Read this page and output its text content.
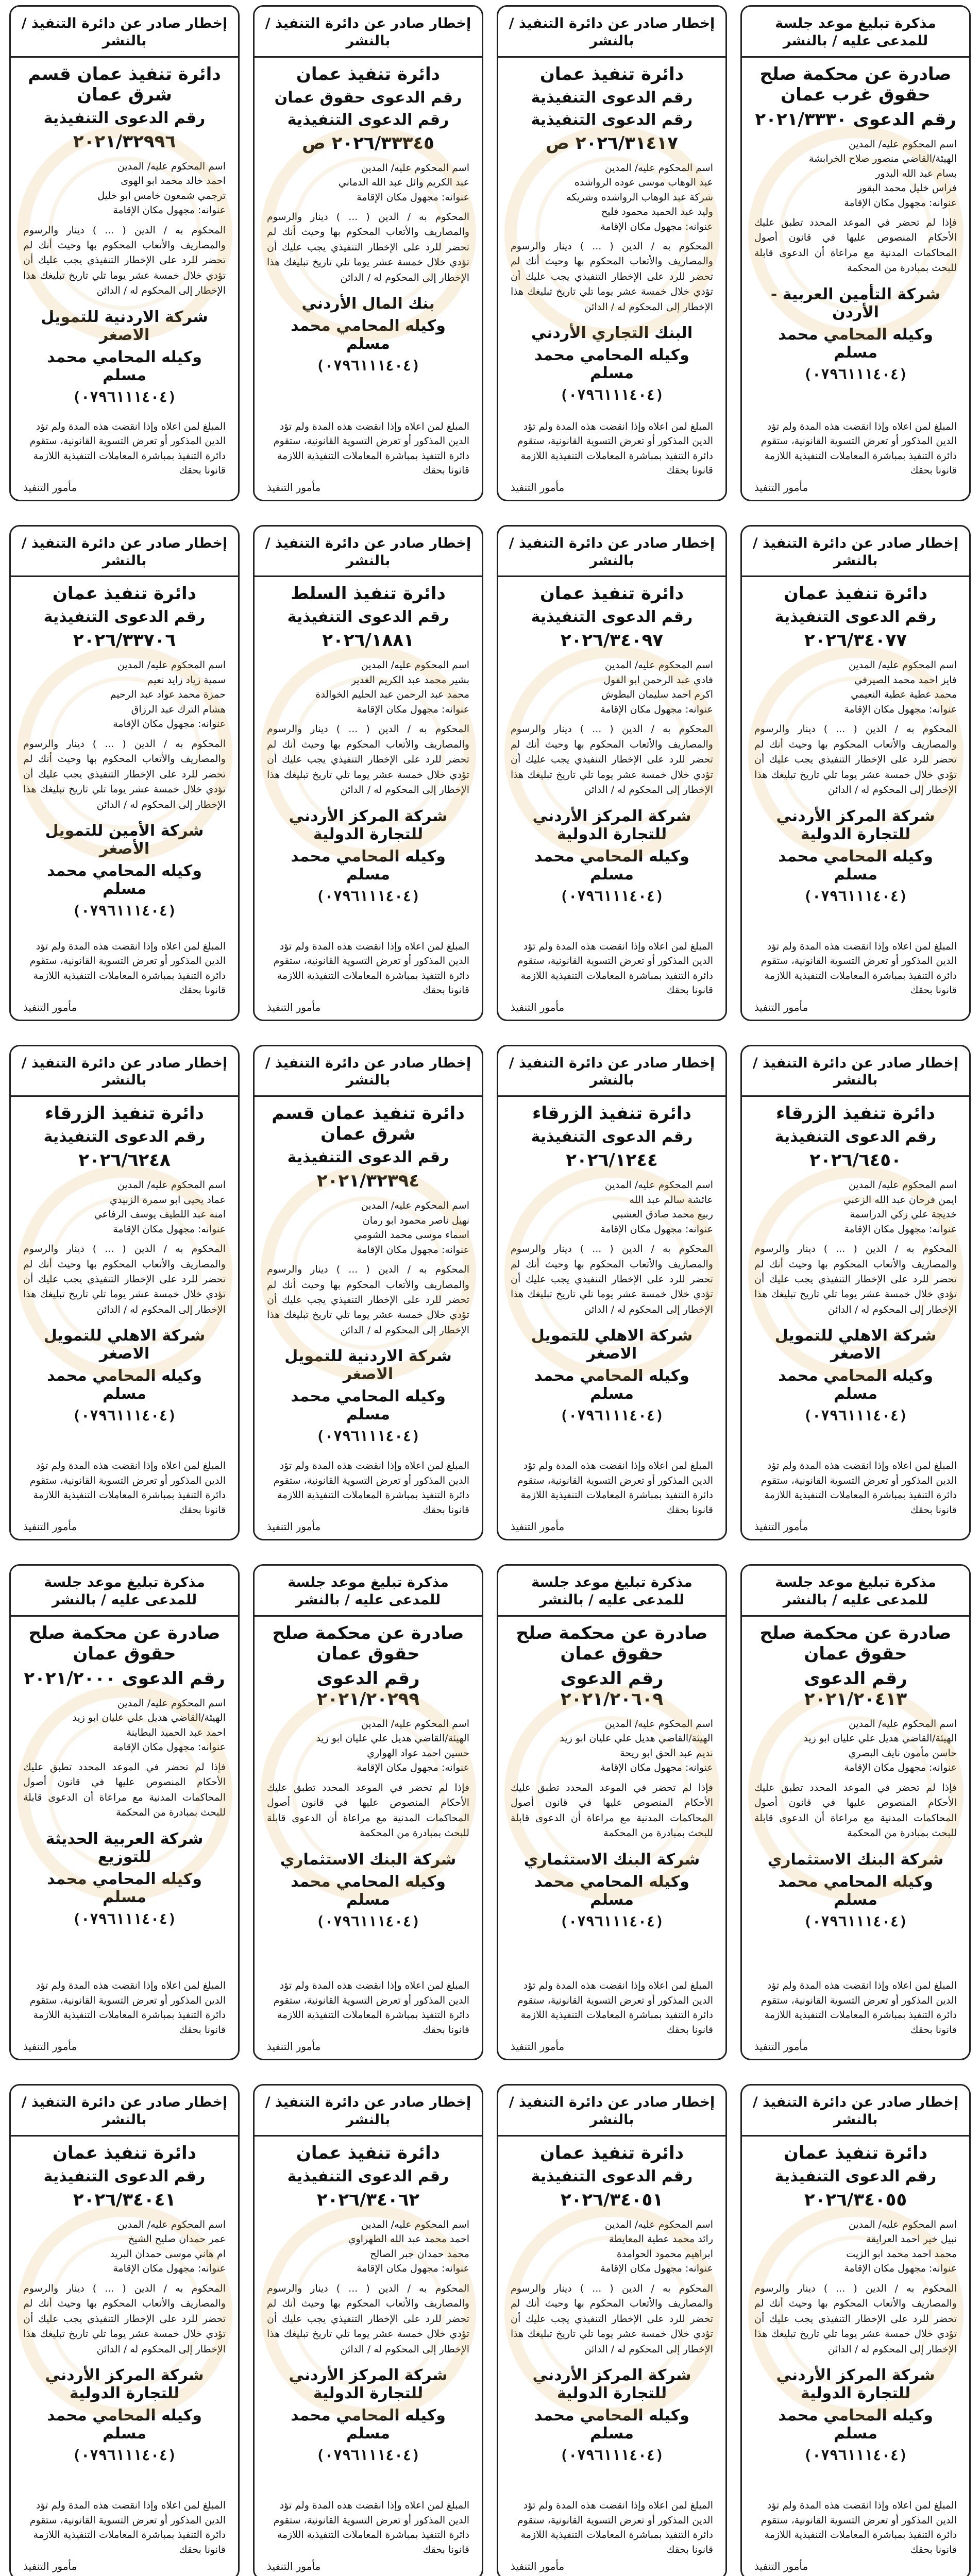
إخطار صادر عن دائرة التنفيذ / بالنشر
دائرة تنفيذ عمان قسم شرق عمان
رقم الدعوى التنفيذية
٢٠٢١/٣٢٩٩٦
اسم المحكوم عليه/ المدين
احمد خالد محمد ابو الهوى
ترجمي شمعون خامس ابو خليل
عنوانه: مجهول مكان الإقامة
المحكوم به / الدين ( ... ) دينار والرسوم والمصاريف والأتعاب المحكوم بها وحيث أنك لم تحضر للرد على الإخطار التنفيذي يجب عليك أن تؤدي خلال خمسة عشر يوما تلي تاريخ تبليغك هذا الإخطار إلى المحكوم له / الدائن
شركة الاردنية للتمويل الاصغر
وكيله المحامي محمد مسلم
(٠٧٩٦١١١٤٠٤)
المبلغ لمن اعلاه وإذا انقضت هذه المدة ولم تؤد الدين المذكور أو تعرض التسوية القانونية، ستقوم دائرة التنفيذ بمباشرة المعاملات التنفيذية اللازمة قانونا بحقك
مأمور التنفيذ
إخطار صادر عن دائرة التنفيذ / بالنشر
دائرة تنفيذ عمان
رقم الدعوى حقوق عمان
رقم الدعوى التنفيذية
٢٠٢٦/٣٣٣٤٥ ص
اسم المحكوم عليه/ المدين
عبد الكريم وائل عبد الله الدماني
عنوانه: مجهول مكان الإقامة
المحكوم به / الدين ( ... ) دينار والرسوم والمصاريف والأتعاب المحكوم بها وحيث أنك لم تحضر للرد على الإخطار التنفيذي يجب عليك أن تؤدي خلال خمسة عشر يوما تلي تاريخ تبليغك هذا الإخطار إلى المحكوم له / الدائن
بنك المال الأردني
وكيله المحامي محمد مسلم
(٠٧٩٦١١١٤٠٤)
المبلغ لمن اعلاه وإذا انقضت هذه المدة ولم تؤد الدين المذكور أو تعرض التسوية القانونية، ستقوم دائرة التنفيذ بمباشرة المعاملات التنفيذية اللازمة قانونا بحقك
مأمور التنفيذ
إخطار صادر عن دائرة التنفيذ / بالنشر
دائرة تنفيذ عمان
رقم الدعوى التنفيذية
رقم الدعوى التنفيذية
٢٠٢٦/٣١٤١٧ ص
اسم المحكوم عليه/ المدين
عبد الوهاب موسى عوده الرواشده
شركة عبد الوهاب الرواشده وشريكه
وليد عبد الحميد محمود فليح
عنوانه: مجهول مكان الإقامة
المحكوم به / الدين ( ... ) دينار والرسوم والمصاريف والأتعاب المحكوم بها وحيث أنك لم تحضر للرد على الإخطار التنفيذي يجب عليك أن تؤدي خلال خمسة عشر يوما تلي تاريخ تبليغك هذا الإخطار إلى المحكوم له / الدائن
البنك التجاري الأردني
وكيله المحامي محمد مسلم
(٠٧٩٦١١١٤٠٤)
المبلغ لمن اعلاه وإذا انقضت هذه المدة ولم تؤد الدين المذكور أو تعرض التسوية القانونية، ستقوم دائرة التنفيذ بمباشرة المعاملات التنفيذية اللازمة قانونا بحقك
مأمور التنفيذ
مذكرة تبليغ موعد جلسة للمدعى عليه / بالنشر
صادرة عن محكمة صلح حقوق غرب عمان
رقم الدعوى ٢٠٢١/٣٣٣٠
اسم المحكوم عليه/ المدين
الهيئة/القاضي منصور صلاح الخرابشة
بسام عبد الله البدور
فراس خليل محمد البقور
عنوانه: مجهول مكان الإقامة
فإذا لم تحضر في الموعد المحدد تطبق عليك الأحكام المنصوص عليها في قانون أصول المحاكمات المدنية مع مراعاة أن الدعوى قابلة للبحث بمبادرة من المحكمة
شركة التأمين العربية - الأردن
وكيله المحامي محمد مسلم
(٠٧٩٦١١١٤٠٤)
المبلغ لمن اعلاه وإذا انقضت هذه المدة ولم تؤد الدين المذكور أو تعرض التسوية القانونية، ستقوم دائرة التنفيذ بمباشرة المعاملات التنفيذية اللازمة قانونا بحقك
مأمور التنفيذ
إخطار صادر عن دائرة التنفيذ / بالنشر
دائرة تنفيذ عمان
رقم الدعوى التنفيذية
٢٠٢٦/٣٣٧٠٦
اسم المحكوم عليه/ المدين
سمية زياد زايد نعيم
حمزة محمد عواد عبد الرحيم
هشام الترك عبد الرزاق
عنوانه: مجهول مكان الإقامة
المحكوم به / الدين ( ... ) دينار والرسوم والمصاريف والأتعاب المحكوم بها وحيث أنك لم تحضر للرد على الإخطار التنفيذي يجب عليك أن تؤدي خلال خمسة عشر يوما تلي تاريخ تبليغك هذا الإخطار إلى المحكوم له / الدائن
شركة الأمين للتمويل الأصغر
وكيله المحامي محمد مسلم
(٠٧٩٦١١١٤٠٤)
المبلغ لمن اعلاه وإذا انقضت هذه المدة ولم تؤد الدين المذكور أو تعرض التسوية القانونية، ستقوم دائرة التنفيذ بمباشرة المعاملات التنفيذية اللازمة قانونا بحقك
مأمور التنفيذ
إخطار صادر عن دائرة التنفيذ / بالنشر
دائرة تنفيذ السلط
رقم الدعوى التنفيذية
٢٠٢٦/١٨٨١
اسم المحكوم عليه/ المدين
بشير محمد عبد الكريم الغدير
محمد عبد الرحمن عبد الحليم الخوالدة
عنوانه: مجهول مكان الإقامة
المحكوم به / الدين ( ... ) دينار والرسوم والمصاريف والأتعاب المحكوم بها وحيث أنك لم تحضر للرد على الإخطار التنفيذي يجب عليك أن تؤدي خلال خمسة عشر يوما تلي تاريخ تبليغك هذا الإخطار إلى المحكوم له / الدائن
شركة المركز الأردني للتجارة الدولية
وكيله المحامي محمد مسلم
(٠٧٩٦١١١٤٠٤)
المبلغ لمن اعلاه وإذا انقضت هذه المدة ولم تؤد الدين المذكور أو تعرض التسوية القانونية، ستقوم دائرة التنفيذ بمباشرة المعاملات التنفيذية اللازمة قانونا بحقك
مأمور التنفيذ
إخطار صادر عن دائرة التنفيذ / بالنشر
دائرة تنفيذ عمان
رقم الدعوى التنفيذية
٢٠٢٦/٣٤٠٩٧
اسم المحكوم عليه/ المدين
فادي عبد الرحمن ابو الفول
اكرم احمد سليمان البطوش
عنوانه: مجهول مكان الإقامة
المحكوم به / الدين ( ... ) دينار والرسوم والمصاريف والأتعاب المحكوم بها وحيث أنك لم تحضر للرد على الإخطار التنفيذي يجب عليك أن تؤدي خلال خمسة عشر يوما تلي تاريخ تبليغك هذا الإخطار إلى المحكوم له / الدائن
شركة المركز الأردني للتجارة الدولية
وكيله المحامي محمد مسلم
(٠٧٩٦١١١٤٠٤)
المبلغ لمن اعلاه وإذا انقضت هذه المدة ولم تؤد الدين المذكور أو تعرض التسوية القانونية، ستقوم دائرة التنفيذ بمباشرة المعاملات التنفيذية اللازمة قانونا بحقك
مأمور التنفيذ
إخطار صادر عن دائرة التنفيذ / بالنشر
دائرة تنفيذ عمان
رقم الدعوى التنفيذية
٢٠٢٦/٣٤٠٧٧
اسم المحكوم عليه/ المدين
فايز احمد محمد الصيرفي
محمد عطية عطية النعيمي
عنوانه: مجهول مكان الإقامة
المحكوم به / الدين ( ... ) دينار والرسوم والمصاريف والأتعاب المحكوم بها وحيث أنك لم تحضر للرد على الإخطار التنفيذي يجب عليك أن تؤدي خلال خمسة عشر يوما تلي تاريخ تبليغك هذا الإخطار إلى المحكوم له / الدائن
شركة المركز الأردني للتجارة الدولية
وكيله المحامي محمد مسلم
(٠٧٩٦١١١٤٠٤)
المبلغ لمن اعلاه وإذا انقضت هذه المدة ولم تؤد الدين المذكور أو تعرض التسوية القانونية، ستقوم دائرة التنفيذ بمباشرة المعاملات التنفيذية اللازمة قانونا بحقك
مأمور التنفيذ
إخطار صادر عن دائرة التنفيذ / بالنشر
دائرة تنفيذ الزرقاء
رقم الدعوى التنفيذية
٢٠٢٦/٦٢٤٨
اسم المحكوم عليه/ المدين
عماد يحيى ابو سمرة الزبيدي
امنه عبد اللطيف يوسف الرفاعي
عنوانه: مجهول مكان الإقامة
المحكوم به / الدين ( ... ) دينار والرسوم والمصاريف والأتعاب المحكوم بها وحيث أنك لم تحضر للرد على الإخطار التنفيذي يجب عليك أن تؤدي خلال خمسة عشر يوما تلي تاريخ تبليغك هذا الإخطار إلى المحكوم له / الدائن
شركة الاهلي للتمويل الاصغر
وكيله المحامي محمد مسلم
(٠٧٩٦١١١٤٠٤)
المبلغ لمن اعلاه وإذا انقضت هذه المدة ولم تؤد الدين المذكور أو تعرض التسوية القانونية، ستقوم دائرة التنفيذ بمباشرة المعاملات التنفيذية اللازمة قانونا بحقك
مأمور التنفيذ
إخطار صادر عن دائرة التنفيذ / بالنشر
دائرة تنفيذ عمان قسم شرق عمان
رقم الدعوى التنفيذية
٢٠٢١/٣٢٣٩٤
اسم المحكوم عليه/ المدين
نهيل ناصر محمود ابو رمان
اسماء موسى محمد الشومي
عنوانه: مجهول مكان الإقامة
المحكوم به / الدين ( ... ) دينار والرسوم والمصاريف والأتعاب المحكوم بها وحيث أنك لم تحضر للرد على الإخطار التنفيذي يجب عليك أن تؤدي خلال خمسة عشر يوما تلي تاريخ تبليغك هذا الإخطار إلى المحكوم له / الدائن
شركة الاردنية للتمويل الاصغر
وكيله المحامي محمد مسلم
(٠٧٩٦١١١٤٠٤)
المبلغ لمن اعلاه وإذا انقضت هذه المدة ولم تؤد الدين المذكور أو تعرض التسوية القانونية، ستقوم دائرة التنفيذ بمباشرة المعاملات التنفيذية اللازمة قانونا بحقك
مأمور التنفيذ
إخطار صادر عن دائرة التنفيذ / بالنشر
دائرة تنفيذ الزرقاء
رقم الدعوى التنفيذية
٢٠٢٦/١٢٤٤
اسم المحكوم عليه/ المدين
عائشة سالم عبد الله
ربيع محمد صادق العشبي
عنوانه: مجهول مكان الإقامة
المحكوم به / الدين ( ... ) دينار والرسوم والمصاريف والأتعاب المحكوم بها وحيث أنك لم تحضر للرد على الإخطار التنفيذي يجب عليك أن تؤدي خلال خمسة عشر يوما تلي تاريخ تبليغك هذا الإخطار إلى المحكوم له / الدائن
شركة الاهلي للتمويل الاصغر
وكيله المحامي محمد مسلم
(٠٧٩٦١١١٤٠٤)
المبلغ لمن اعلاه وإذا انقضت هذه المدة ولم تؤد الدين المذكور أو تعرض التسوية القانونية، ستقوم دائرة التنفيذ بمباشرة المعاملات التنفيذية اللازمة قانونا بحقك
مأمور التنفيذ
إخطار صادر عن دائرة التنفيذ / بالنشر
دائرة تنفيذ الزرقاء
رقم الدعوى التنفيذية
٢٠٢٦/٦٤٥٠
اسم المحكوم عليه/ المدين
ايمن فرحان عبد الله الزعبي
خديجة علي زكي الدراسمة
عنوانه: مجهول مكان الإقامة
المحكوم به / الدين ( ... ) دينار والرسوم والمصاريف والأتعاب المحكوم بها وحيث أنك لم تحضر للرد على الإخطار التنفيذي يجب عليك أن تؤدي خلال خمسة عشر يوما تلي تاريخ تبليغك هذا الإخطار إلى المحكوم له / الدائن
شركة الاهلي للتمويل الاصغر
وكيله المحامي محمد مسلم
(٠٧٩٦١١١٤٠٤)
المبلغ لمن اعلاه وإذا انقضت هذه المدة ولم تؤد الدين المذكور أو تعرض التسوية القانونية، ستقوم دائرة التنفيذ بمباشرة المعاملات التنفيذية اللازمة قانونا بحقك
مأمور التنفيذ
مذكرة تبليغ موعد جلسة للمدعى عليه / بالنشر
صادرة عن محكمة صلح حقوق عمان
رقم الدعوى ٢٠٢١/٢٠٠٠
اسم المحكوم عليه/ المدين
الهيئة/القاضي هديل علي عليان ابو زيد
احمد عبد الحميد البطاينة
عنوانه: مجهول مكان الإقامة
فإذا لم تحضر في الموعد المحدد تطبق عليك الأحكام المنصوص عليها في قانون أصول المحاكمات المدنية مع مراعاة أن الدعوى قابلة للبحث بمبادرة من المحكمة
شركة العربية الحديثة للتوزيع
وكيله المحامي محمد مسلم
(٠٧٩٦١١١٤٠٤)
المبلغ لمن اعلاه وإذا انقضت هذه المدة ولم تؤد الدين المذكور أو تعرض التسوية القانونية، ستقوم دائرة التنفيذ بمباشرة المعاملات التنفيذية اللازمة قانونا بحقك
مأمور التنفيذ
مذكرة تبليغ موعد جلسة للمدعى عليه / بالنشر
صادرة عن محكمة صلح حقوق عمان
رقم الدعوى ٢٠٢١/٢٠٢٩٩
اسم المحكوم عليه/ المدين
الهيئة/القاضي هديل علي عليان ابو زيد
حسين احمد عواد الهواري
عنوانه: مجهول مكان الإقامة
فإذا لم تحضر في الموعد المحدد تطبق عليك الأحكام المنصوص عليها في قانون أصول المحاكمات المدنية مع مراعاة أن الدعوى قابلة للبحث بمبادرة من المحكمة
شركة البنك الاستثماري
وكيله المحامي محمد مسلم
(٠٧٩٦١١١٤٠٤)
المبلغ لمن اعلاه وإذا انقضت هذه المدة ولم تؤد الدين المذكور أو تعرض التسوية القانونية، ستقوم دائرة التنفيذ بمباشرة المعاملات التنفيذية اللازمة قانونا بحقك
مأمور التنفيذ
مذكرة تبليغ موعد جلسة للمدعى عليه / بالنشر
صادرة عن محكمة صلح حقوق عمان
رقم الدعوى ٢٠٢١/٢٠٦٠٩
اسم المحكوم عليه/ المدين
الهيئة/القاضي هديل علي عليان ابو زيد
نديم عبد الحق ابو ريحة
عنوانه: مجهول مكان الإقامة
فإذا لم تحضر في الموعد المحدد تطبق عليك الأحكام المنصوص عليها في قانون أصول المحاكمات المدنية مع مراعاة أن الدعوى قابلة للبحث بمبادرة من المحكمة
شركة البنك الاستثماري
وكيله المحامي محمد مسلم
(٠٧٩٦١١١٤٠٤)
المبلغ لمن اعلاه وإذا انقضت هذه المدة ولم تؤد الدين المذكور أو تعرض التسوية القانونية، ستقوم دائرة التنفيذ بمباشرة المعاملات التنفيذية اللازمة قانونا بحقك
مأمور التنفيذ
مذكرة تبليغ موعد جلسة للمدعى عليه / بالنشر
صادرة عن محكمة صلح حقوق عمان
رقم الدعوى ٢٠٢١/٢٠٤١٣
اسم المحكوم عليه/ المدين
الهيئة/القاضي هديل علي عليان ابو زيد
حاسن مأمون نايف البصري
عنوانه: مجهول مكان الإقامة
فإذا لم تحضر في الموعد المحدد تطبق عليك الأحكام المنصوص عليها في قانون أصول المحاكمات المدنية مع مراعاة أن الدعوى قابلة للبحث بمبادرة من المحكمة
شركة البنك الاستثماري
وكيله المحامي محمد مسلم
(٠٧٩٦١١١٤٠٤)
المبلغ لمن اعلاه وإذا انقضت هذه المدة ولم تؤد الدين المذكور أو تعرض التسوية القانونية، ستقوم دائرة التنفيذ بمباشرة المعاملات التنفيذية اللازمة قانونا بحقك
مأمور التنفيذ
إخطار صادر عن دائرة التنفيذ / بالنشر
دائرة تنفيذ عمان
رقم الدعوى التنفيذية
٢٠٢٦/٣٤٠٤١
اسم المحكوم عليه/ المدين
عمر حمدان صليح الشيخ
ام هاني موسى حمدان البريد
عنوانه: مجهول مكان الإقامة
المحكوم به / الدين ( ... ) دينار والرسوم والمصاريف والأتعاب المحكوم بها وحيث أنك لم تحضر للرد على الإخطار التنفيذي يجب عليك أن تؤدي خلال خمسة عشر يوما تلي تاريخ تبليغك هذا الإخطار إلى المحكوم له / الدائن
شركة المركز الأردني للتجارة الدولية
وكيله المحامي محمد مسلم
(٠٧٩٦١١١٤٠٤)
المبلغ لمن اعلاه وإذا انقضت هذه المدة ولم تؤد الدين المذكور أو تعرض التسوية القانونية، ستقوم دائرة التنفيذ بمباشرة المعاملات التنفيذية اللازمة قانونا بحقك
مأمور التنفيذ
إخطار صادر عن دائرة التنفيذ / بالنشر
دائرة تنفيذ عمان
رقم الدعوى التنفيذية
٢٠٢٦/٣٤٠٦٢
اسم المحكوم عليه/ المدين
احمد محمد عبد الله الطهراوي
محمد حمدان جبر الصالح
عنوانه: مجهول مكان الإقامة
المحكوم به / الدين ( ... ) دينار والرسوم والمصاريف والأتعاب المحكوم بها وحيث أنك لم تحضر للرد على الإخطار التنفيذي يجب عليك أن تؤدي خلال خمسة عشر يوما تلي تاريخ تبليغك هذا الإخطار إلى المحكوم له / الدائن
شركة المركز الأردني للتجارة الدولية
وكيله المحامي محمد مسلم
(٠٧٩٦١١١٤٠٤)
المبلغ لمن اعلاه وإذا انقضت هذه المدة ولم تؤد الدين المذكور أو تعرض التسوية القانونية، ستقوم دائرة التنفيذ بمباشرة المعاملات التنفيذية اللازمة قانونا بحقك
مأمور التنفيذ
إخطار صادر عن دائرة التنفيذ / بالنشر
دائرة تنفيذ عمان
رقم الدعوى التنفيذية
٢٠٢٦/٣٤٠٥١
اسم المحكوم عليه/ المدين
رائد محمد عطية المعايطة
ابراهيم محمود الحوامدة
عنوانه: مجهول مكان الإقامة
المحكوم به / الدين ( ... ) دينار والرسوم والمصاريف والأتعاب المحكوم بها وحيث أنك لم تحضر للرد على الإخطار التنفيذي يجب عليك أن تؤدي خلال خمسة عشر يوما تلي تاريخ تبليغك هذا الإخطار إلى المحكوم له / الدائن
شركة المركز الأردني للتجارة الدولية
وكيله المحامي محمد مسلم
(٠٧٩٦١١١٤٠٤)
المبلغ لمن اعلاه وإذا انقضت هذه المدة ولم تؤد الدين المذكور أو تعرض التسوية القانونية، ستقوم دائرة التنفيذ بمباشرة المعاملات التنفيذية اللازمة قانونا بحقك
مأمور التنفيذ
إخطار صادر عن دائرة التنفيذ / بالنشر
دائرة تنفيذ عمان
رقم الدعوى التنفيذية
٢٠٢٦/٣٤٠٥٥
اسم المحكوم عليه/ المدين
نبيل خير احمد العرايقة
محمد احمد محمد ابو الزيت
عنوانه: مجهول مكان الإقامة
المحكوم به / الدين ( ... ) دينار والرسوم والمصاريف والأتعاب المحكوم بها وحيث أنك لم تحضر للرد على الإخطار التنفيذي يجب عليك أن تؤدي خلال خمسة عشر يوما تلي تاريخ تبليغك هذا الإخطار إلى المحكوم له / الدائن
شركة المركز الأردني للتجارة الدولية
وكيله المحامي محمد مسلم
(٠٧٩٦١١١٤٠٤)
المبلغ لمن اعلاه وإذا انقضت هذه المدة ولم تؤد الدين المذكور أو تعرض التسوية القانونية، ستقوم دائرة التنفيذ بمباشرة المعاملات التنفيذية اللازمة قانونا بحقك
مأمور التنفيذ
